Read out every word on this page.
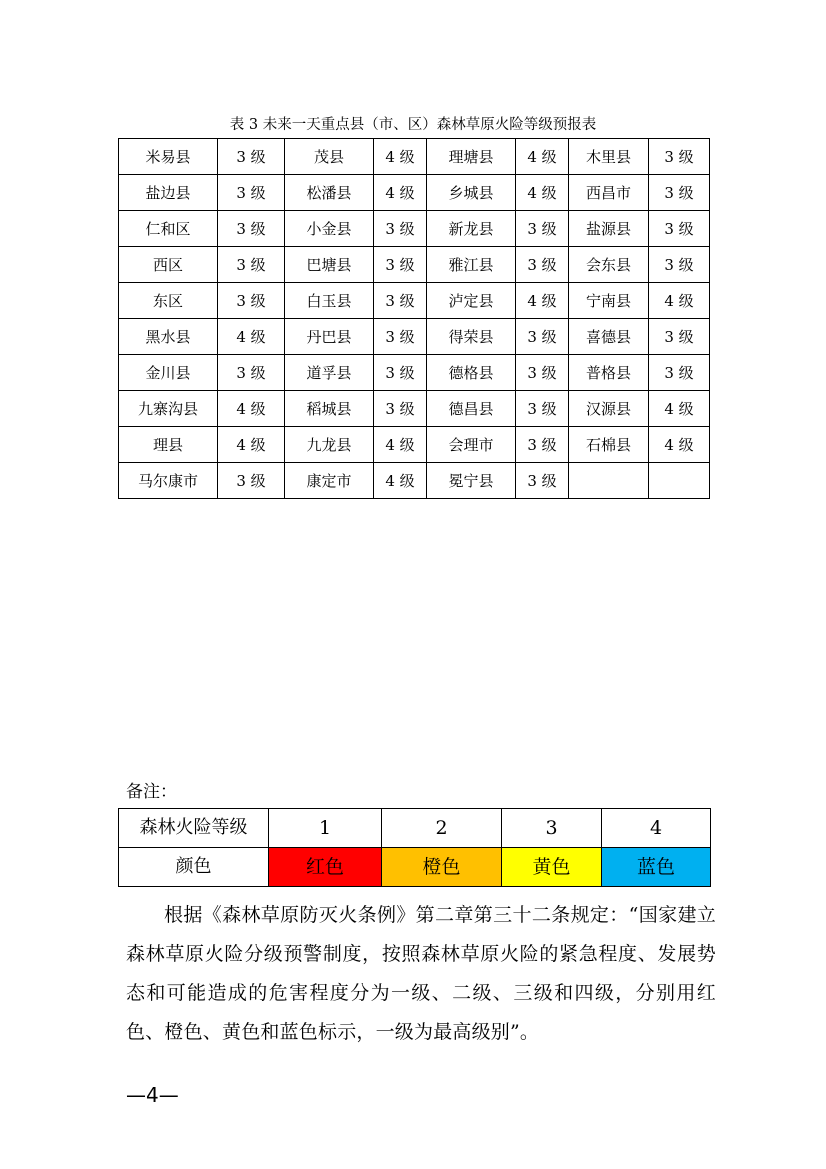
表 3 未来一天重点县（市、区）森林草原火险等级预报表
米易县	3 级	茂县	4 级	理塘县	4 级	木里县	3 级
盐边县	3 级	松潘县	4 级	乡城县	4 级	西昌市	3 级
仁和区	3 级	小金县	3 级	新龙县	3 级	盐源县	3 级
西区	3 级	巴塘县	3 级	雅江县	3 级	会东县	3 级
东区	3 级	白玉县	3 级	泸定县	4 级	宁南县	4 级
黑水县	4 级	丹巴县	3 级	得荣县	3 级	喜德县	3 级
金川县	3 级	道孚县	3 级	德格县	3 级	普格县	3 级
九寨沟县	4 级	稻城县	3 级	德昌县	3 级	汉源县	4 级
理县	4 级	九龙县	4 级	会理市	3 级	石棉县	4 级
马尔康市	3 级	康定市	4 级	冕宁县	3 级		
备注：
森林火险等级	1	2	3	4
颜色	红色	橙色	黄色	蓝色
根据《森林草原防灭火条例》第二章第三十二条规定：“国家建立森林草原火险分级预警制度，按照森林草原火险的紧急程度、发展势态和可能造成的危害程度分为一级、二级、三级和四级，分别用红色、橙色、黄色和蓝色标示，一级为最高级别”。
—4—
